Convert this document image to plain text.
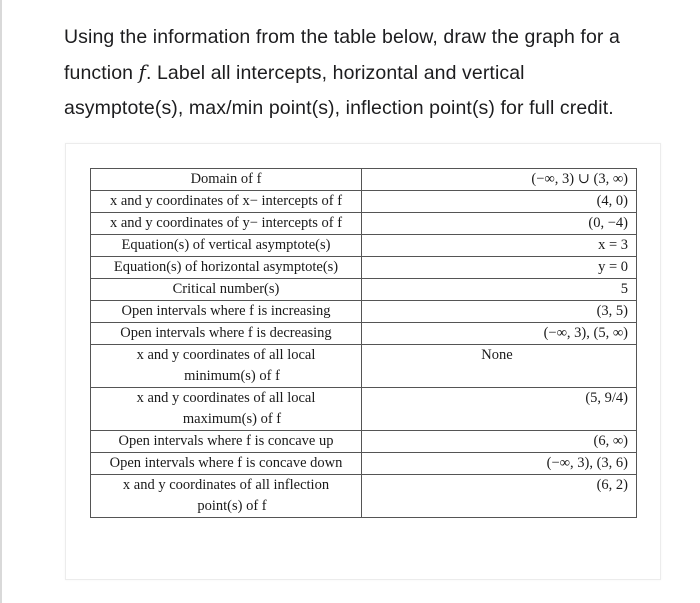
Using the information from the table below, draw the graph for a
function f. Label all intercepts, horizontal and vertical
asymptote(s), max/min point(s), inflection point(s) for full credit.
Domain of f	(−∞, 3) ∪ (3, ∞)
x and y coordinates of x− intercepts of f	(4, 0)
x and y coordinates of y− intercepts of f	(0, −4)
Equation(s) of vertical asymptote(s)	x = 3
Equation(s) of horizontal asymptote(s)	y = 0
Critical number(s)	5
Open intervals where f is increasing	(3, 5)
Open intervals where f is decreasing	(−∞, 3), (5, ∞)
x and y coordinates of all local
minimum(s) of f	None
x and y coordinates of all local
maximum(s) of f	(5, 9/4)
Open intervals where f is concave up	(6, ∞)
Open intervals where f is concave down	(−∞, 3), (3, 6)
x and y coordinates of all inflection
point(s) of f	(6, 2)
